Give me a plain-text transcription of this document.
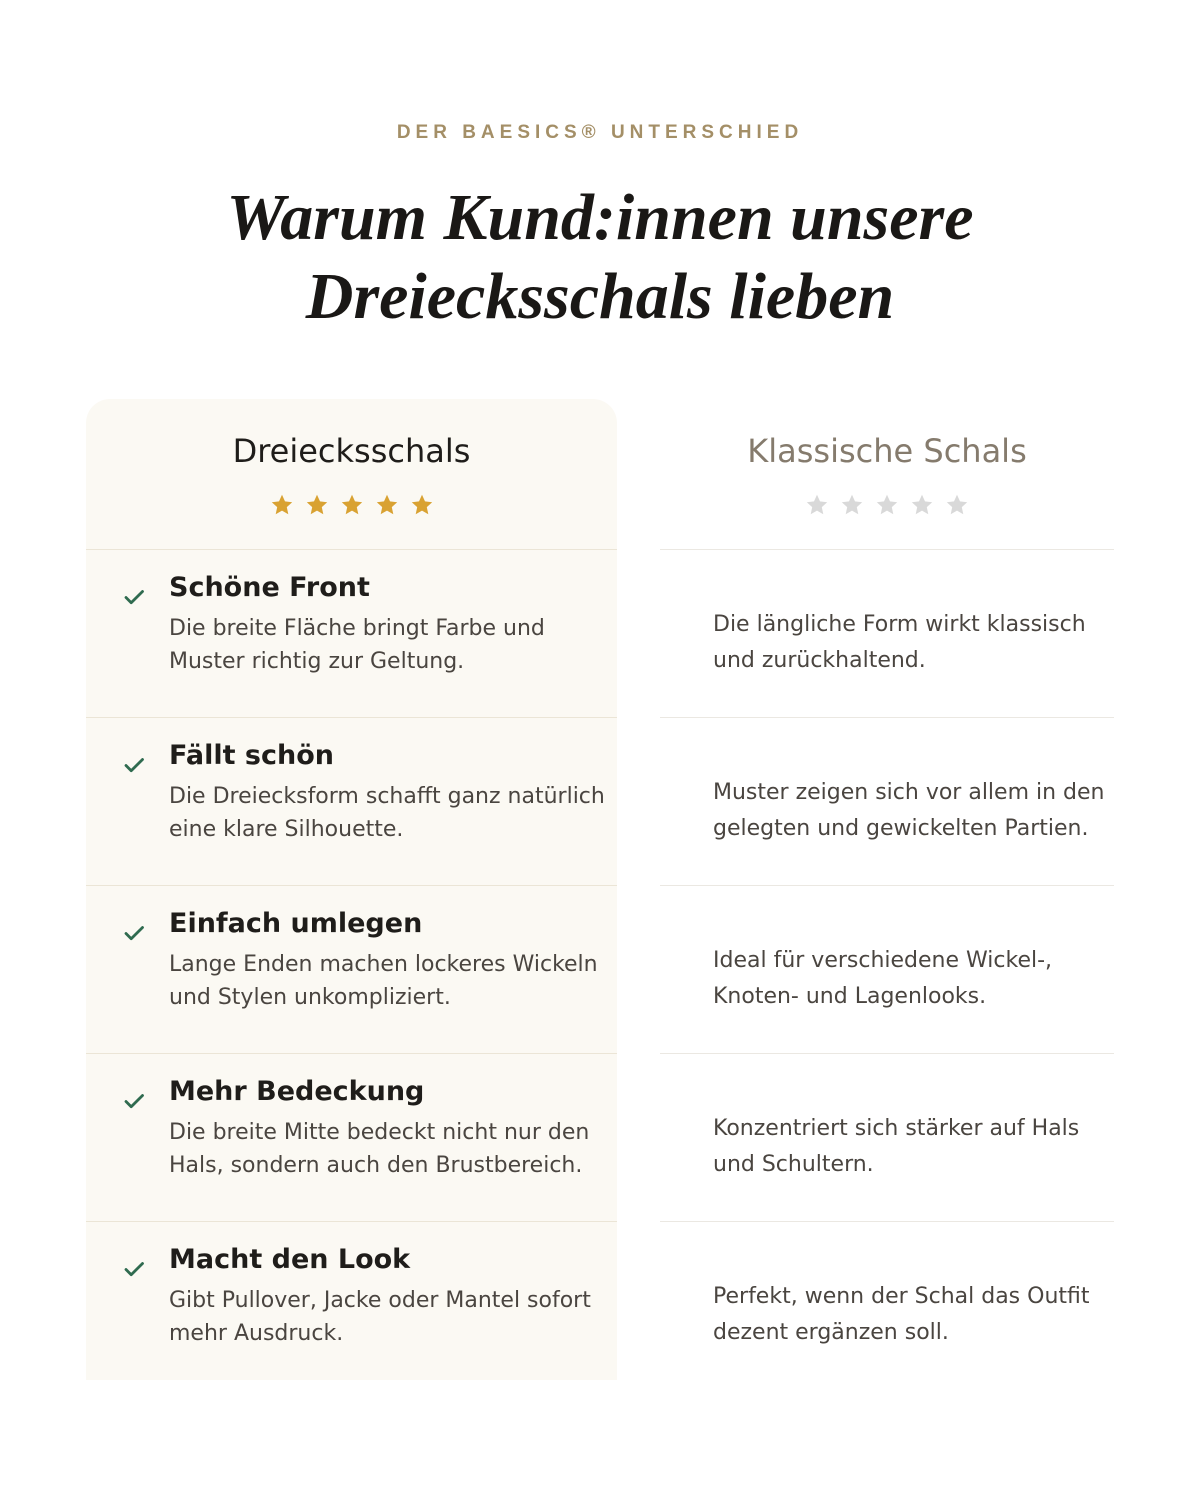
DER BAESICS® UNTERSCHIED
Warum Kund:innen unsere
Dreiecksschals lieben
Dreiecksschals	Klassische Schals
Schöne Front
Die breite Fläche bringt Farbe und Muster richtig zur Geltung.
Die längliche Form wirkt klassisch und zurückhaltend.
Fällt schön
Die Dreiecksform schafft ganz natürlich eine klare Silhouette.
Muster zeigen sich vor allem in den gelegten und gewickelten Partien.
Einfach umlegen
Lange Enden machen lockeres Wickeln und Stylen unkompliziert.
Ideal für verschiedene Wickel-, Knoten- und Lagenlooks.
Mehr Bedeckung
Die breite Mitte bedeckt nicht nur den Hals, sondern auch den Brustbereich.
Konzentriert sich stärker auf Hals und Schultern.
Macht den Look
Gibt Pullover, Jacke oder Mantel sofort mehr Ausdruck.
Perfekt, wenn der Schal das Outfit dezent ergänzen soll.
